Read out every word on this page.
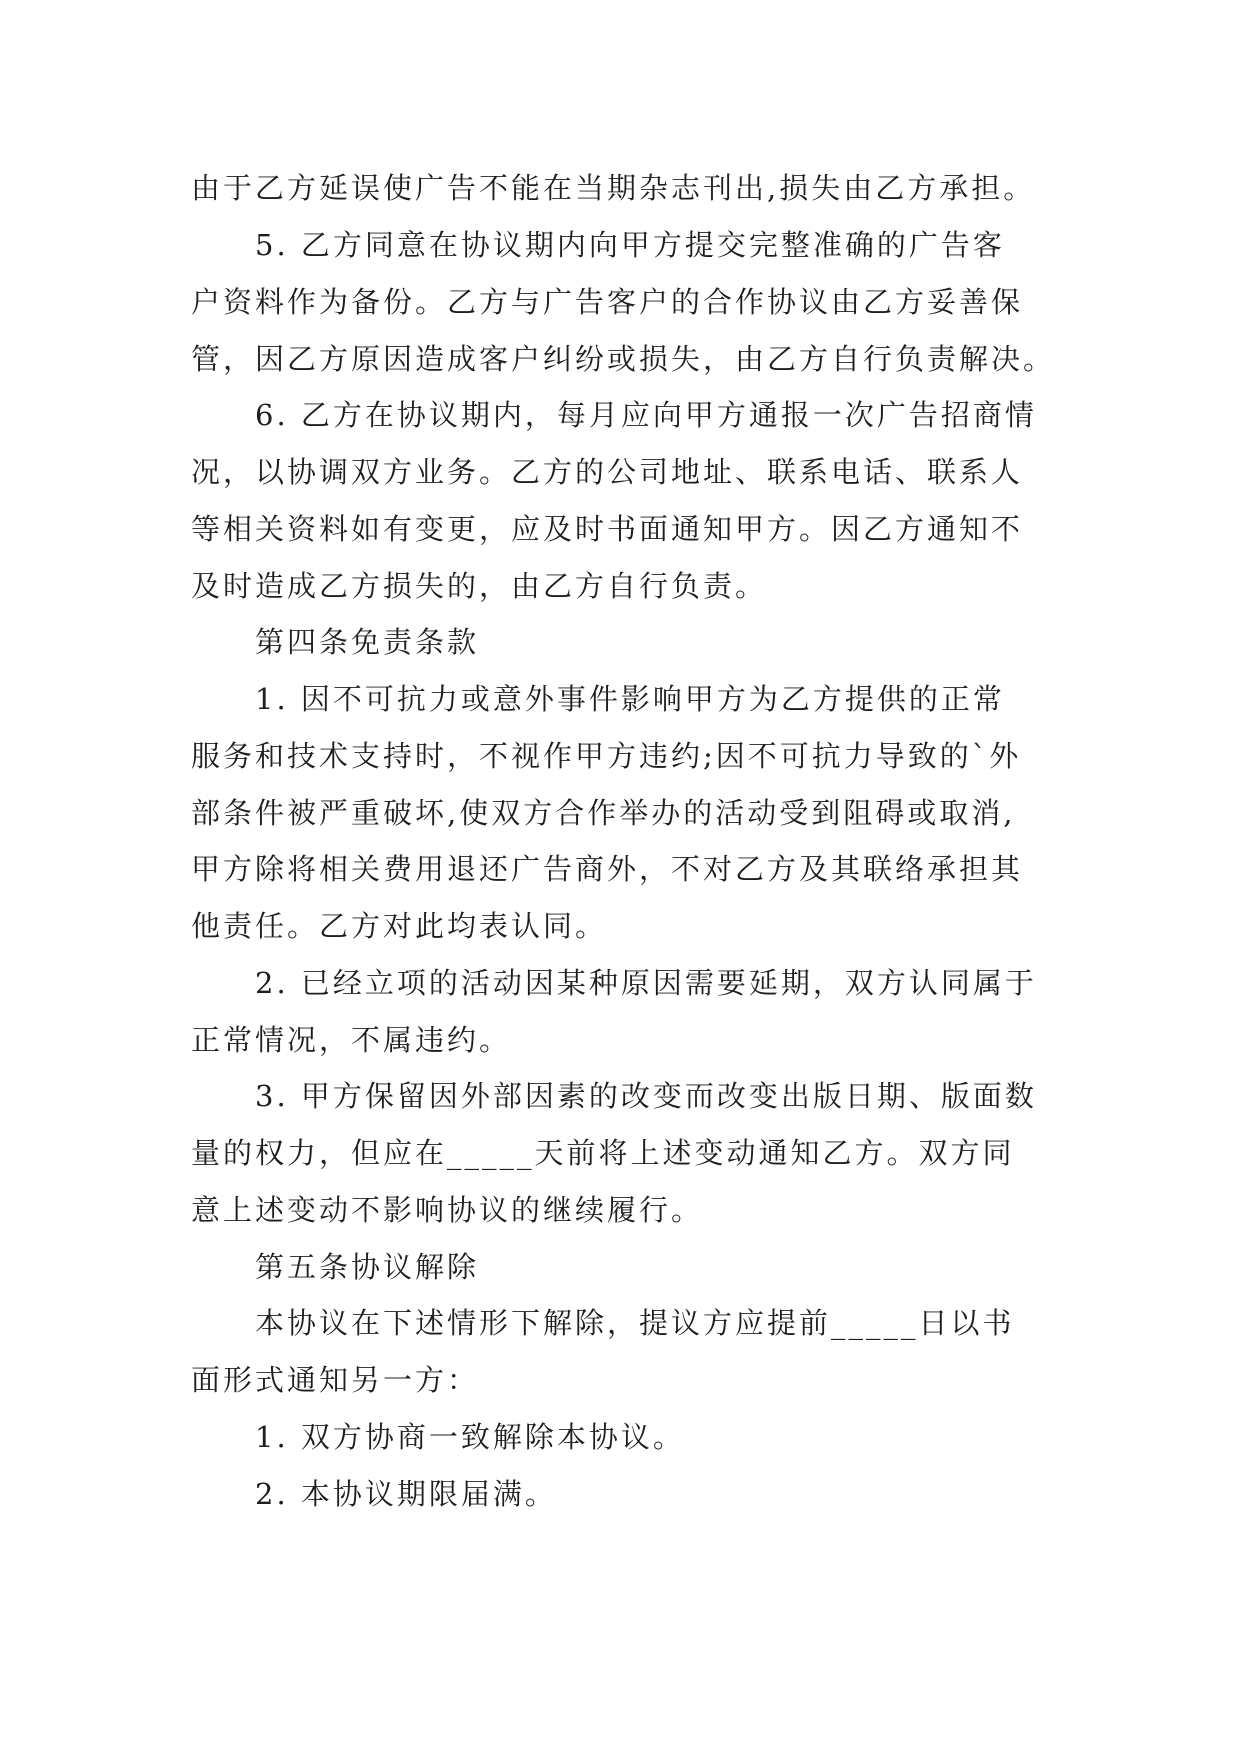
由于乙方延误使广告不能在当期杂志刊出,损失由乙方承担。
5. 乙方同意在协议期内向甲方提交完整准确的广告客
户资料作为备份。乙方与广告客户的合作协议由乙方妥善保
管，因乙方原因造成客户纠纷或损失，由乙方自行负责解决。
6. 乙方在协议期内，每月应向甲方通报一次广告招商情
况，以协调双方业务。乙方的公司地址、联系电话、联系人
等相关资料如有变更，应及时书面通知甲方。因乙方通知不
及时造成乙方损失的，由乙方自行负责。
第四条免责条款
1. 因不可抗力或意外事件影响甲方为乙方提供的正常
服务和技术支持时，不视作甲方违约;因不可抗力导致的`外
部条件被严重破坏,使双方合作举办的活动受到阻碍或取消,
甲方除将相关费用退还广告商外，不对乙方及其联络承担其
他责任。乙方对此均表认同。
2. 已经立项的活动因某种原因需要延期，双方认同属于
正常情况，不属违约。
3. 甲方保留因外部因素的改变而改变出版日期、版面数
量的权力，但应在_____天前将上述变动通知乙方。双方同
意上述变动不影响协议的继续履行。
第五条协议解除
本协议在下述情形下解除，提议方应提前_____日以书
面形式通知另一方：
1. 双方协商一致解除本协议。
2. 本协议期限届满。
